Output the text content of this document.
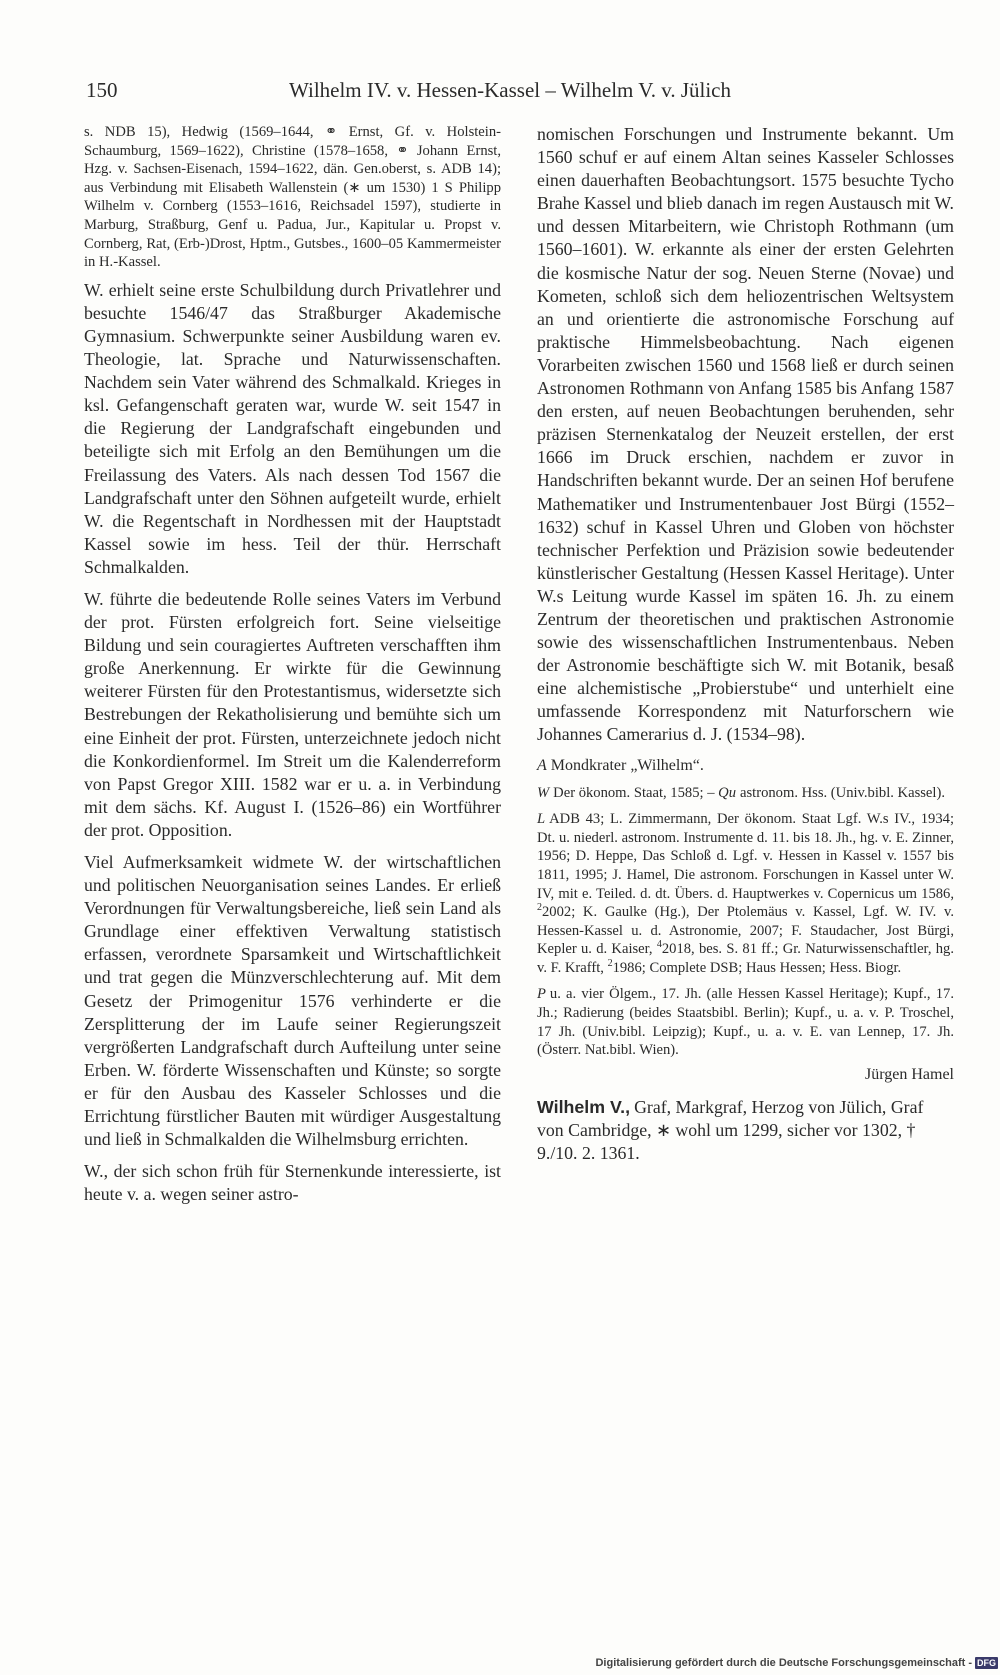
150	Wilhelm IV. v. Hessen-Kassel – Wilhelm V. v. Jülich

s. NDB 15), Hedwig (1569–1644, ⚭ Ernst, Gf. v. Holstein-Schaumburg, 1569–1622), Christine (1578–1658, ⚭ Johann Ernst, Hzg. v. Sachsen-Eisenach, 1594–1622, dän. Gen.oberst, s. ADB 14); aus Verbindung mit Elisabeth Wallenstein (∗ um 1530) 1 S Philipp Wilhelm v. Cornberg (1553–1616, Reichsadel 1597), studierte in Marburg, Straßburg, Genf u. Padua, Jur., Kapitular u. Propst v. Cornberg, Rat, (Erb-)Drost, Hptm., Gutsbes., 1600–05 Kammermeister in H.-Kassel.

W. erhielt seine erste Schulbildung durch Privatlehrer und besuchte 1546/47 das Straßburger Akademische Gymnasium. Schwerpunkte seiner Ausbildung waren ev. Theologie, lat. Sprache und Naturwissenschaften. Nachdem sein Vater während des Schmalkald. Krieges in ksl. Gefangenschaft geraten war, wurde W. seit 1547 in die Regierung der Landgrafschaft eingebunden und beteiligte sich mit Erfolg an den Bemühungen um die Freilassung des Vaters. Als nach dessen Tod 1567 die Landgrafschaft unter den Söhnen aufgeteilt wurde, erhielt W. die Regentschaft in Nordhessen mit der Hauptstadt Kassel sowie im hess. Teil der thür. Herrschaft Schmalkalden.

W. führte die bedeutende Rolle seines Vaters im Verbund der prot. Fürsten erfolgreich fort. Seine vielseitige Bildung und sein couragiertes Auftreten verschafften ihm große Anerkennung. Er wirkte für die Gewinnung weiterer Fürsten für den Protestantismus, widersetzte sich Bestrebungen der Rekatholisierung und bemühte sich um eine Einheit der prot. Fürsten, unterzeichnete jedoch nicht die Konkordienformel. Im Streit um die Kalenderreform von Papst Gregor XIII. 1582 war er u. a. in Verbindung mit dem sächs. Kf. August I. (1526–86) ein Wortführer der prot. Opposition.

Viel Aufmerksamkeit widmete W. der wirtschaftlichen und politischen Neuorganisation seines Landes. Er erließ Verordnungen für Verwaltungsbereiche, ließ sein Land als Grundlage einer effektiven Verwaltung statistisch erfassen, verordnete Sparsamkeit und Wirtschaftlichkeit und trat gegen die Münzverschlechterung auf. Mit dem Gesetz der Primogenitur 1576 verhinderte er die Zersplitterung der im Laufe seiner Regierungszeit vergrößerten Landgrafschaft durch Aufteilung unter seine Erben. W. förderte Wissenschaften und Künste; so sorgte er für den Ausbau des Kasseler Schlosses und die Errichtung fürstlicher Bauten mit würdiger Ausgestaltung und ließ in Schmalkalden die Wilhelmsburg errichten.

W., der sich schon früh für Sternenkunde interessierte, ist heute v. a. wegen seiner astro-

nomischen Forschungen und Instrumente bekannt. Um 1560 schuf er auf einem Altan seines Kasseler Schlosses einen dauerhaften Beobachtungsort. 1575 besuchte Tycho Brahe Kassel und blieb danach im regen Austausch mit W. und dessen Mitarbeitern, wie Christoph Rothmann (um 1560–1601). W. erkannte als einer der ersten Gelehrten die kosmische Natur der sog. Neuen Sterne (Novae) und Kometen, schloß sich dem heliozentrischen Weltsystem an und orientierte die astronomische Forschung auf praktische Himmelsbeobachtung. Nach eigenen Vorarbeiten zwischen 1560 und 1568 ließ er durch seinen Astronomen Rothmann von Anfang 1585 bis Anfang 1587 den ersten, auf neuen Beobachtungen beruhenden, sehr präzisen Sternenkatalog der Neuzeit erstellen, der erst 1666 im Druck erschien, nachdem er zuvor in Handschriften bekannt wurde. Der an seinen Hof berufene Mathematiker und Instrumentenbauer Jost Bürgi (1552–1632) schuf in Kassel Uhren und Globen von höchster technischer Perfektion und Präzision sowie bedeutender künstlerischer Gestaltung (Hessen Kassel Heritage). Unter W.s Leitung wurde Kassel im späten 16. Jh. zu einem Zentrum der theoretischen und praktischen Astronomie sowie des wissenschaftlichen Instrumentenbaus. Neben der Astronomie beschäftigte sich W. mit Botanik, besaß eine alchemistische „Probierstube“ und unterhielt eine umfassende Korrespondenz mit Naturforschern wie Johannes Camerarius d. J. (1534–98).

A Mondkrater „Wilhelm“.

W Der ökonom. Staat, 1585; – Qu astronom. Hss. (Univ.bibl. Kassel).

L ADB 43; L. Zimmermann, Der ökonom. Staat Lgf. W.s IV., 1934; Dt. u. niederl. astronom. Instrumente d. 11. bis 18. Jh., hg. v. E. Zinner, 1956; D. Heppe, Das Schloß d. Lgf. v. Hessen in Kassel v. 1557 bis 1811, 1995; J. Hamel, Die astronom. Forschungen in Kassel unter W. IV, mit e. Teiled. d. dt. Übers. d. Hauptwerkes v. Copernicus um 1586, $^2$2002; K. Gaulke (Hg.), Der Ptolemäus v. Kassel, Lgf. W. IV. v. Hessen-Kassel u. d. Astronomie, 2007; F. Staudacher, Jost Bürgi, Kepler u. d. Kaiser, $^4$2018, bes. S. 81 ff.; Gr. Naturwissenschaftler, hg. v. F. Krafft, $^2$1986; Complete DSB; Haus Hessen; Hess. Biogr.

P u. a. vier Ölgem., 17. Jh. (alle Hessen Kassel Heritage); Kupf., 17. Jh.; Radierung (beides Staatsbibl. Berlin); Kupf., u. a. v. P. Troschel, 17 Jh. (Univ.bibl. Leipzig); Kupf., u. a. v. E. van Lennep, 17. Jh. (Österr. Nat.bibl. Wien).

Jürgen Hamel

Wilhelm V., Graf, Markgraf, Herzog von Jülich, Graf von Cambridge, ∗ wohl um 1299, sicher vor 1302, † 9./10. 2. 1361.

Digitalisierung gefördert durch die Deutsche Forschungsgemeinschaft - DFG
